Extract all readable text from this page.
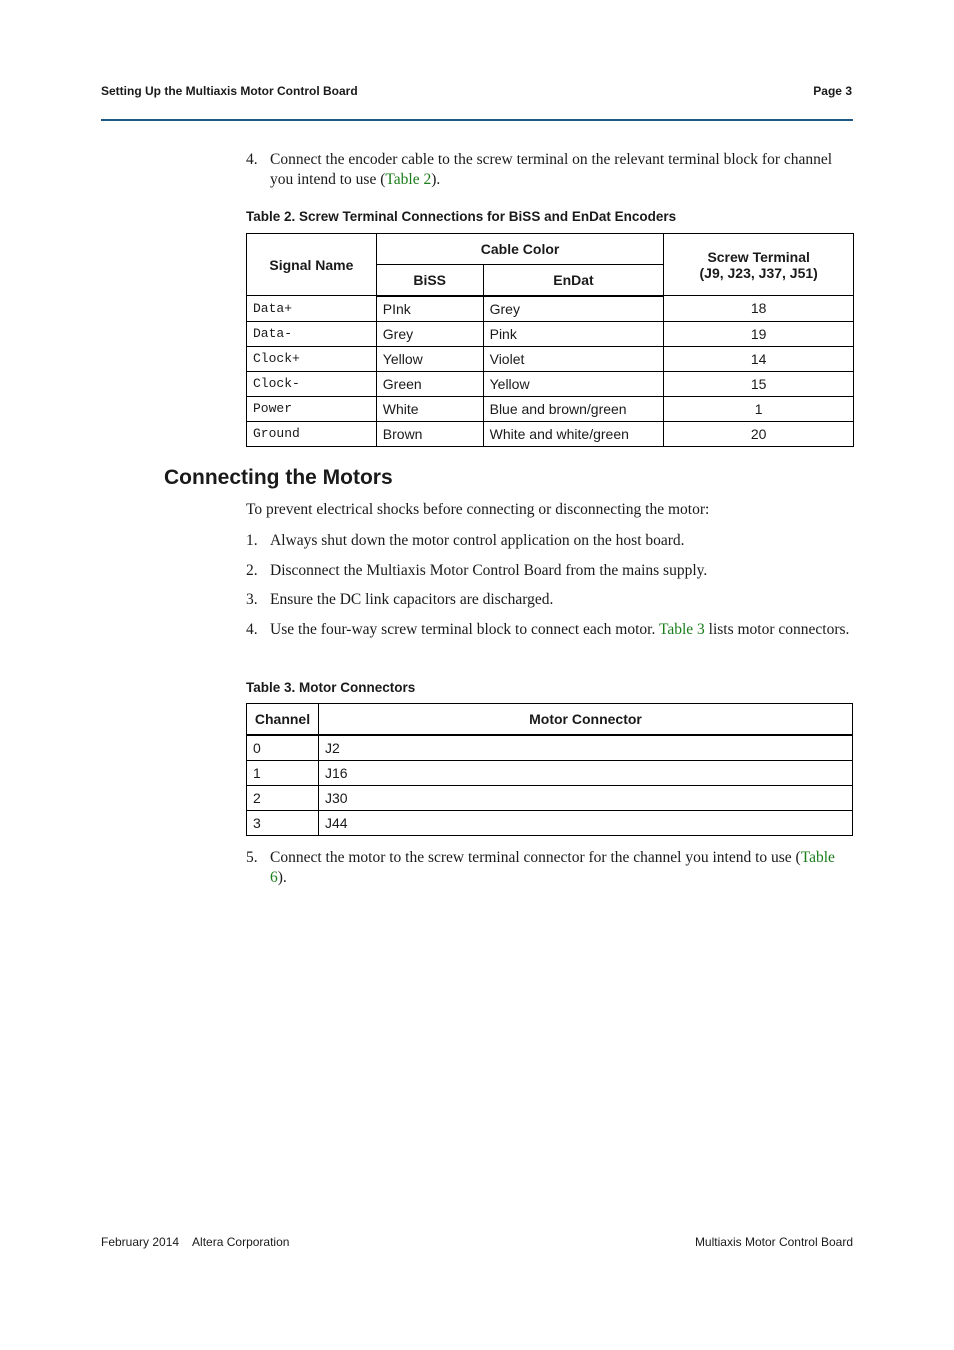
Setting Up the Multiaxis Motor Control Board	Page 3
4. Connect the encoder cable to the screw terminal on the relevant terminal block for channel you intend to use (Table 2).
Table 2. Screw Terminal Connections for BiSS and EnDat Encoders
Signal Name	Cable Color		Screw Terminal
(J9, J23, J37, J51)

	BiSS	EnDat	
Data+	PInk	Grey	18
Data-	Grey	Pink	19
Clock+	Yellow	Violet	14
Clock-	Green	Yellow	15
Power	White	Blue and brown/green	1
Ground	Brown	White and white/green	20
Connecting the Motors
To prevent electrical shocks before connecting or disconnecting the motor:
1. Always shut down the motor control application on the host board.
2. Disconnect the Multiaxis Motor Control Board from the mains supply.
3. Ensure the DC link capacitors are discharged.
4. Use the four-way screw terminal block to connect each motor. Table 3 lists motor connectors.
Table 3. Motor Connectors
Channel	Motor Connector
0	J2
1	J16
2	J30
3	J44
5. Connect the motor to the screw terminal connector for the channel you intend to use (Table 6).
February 2014 Altera Corporation	Multiaxis Motor Control Board
